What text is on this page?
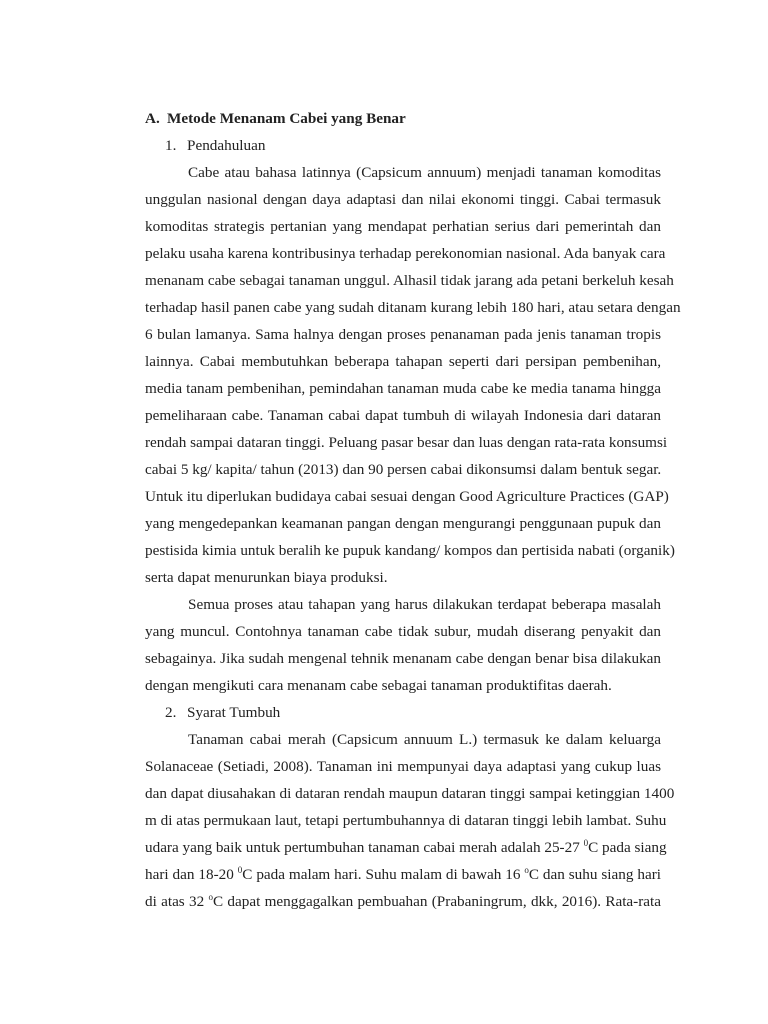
A. Metode Menanam Cabei yang Benar
1. Pendahuluan
Cabe atau bahasa latinnya (Capsicum annuum) menjadi tanaman komoditas
unggulan nasional dengan daya adaptasi dan nilai ekonomi tinggi. Cabai termasuk
komoditas strategis pertanian yang mendapat perhatian serius dari pemerintah dan
pelaku usaha karena kontribusinya terhadap perekonomian nasional. Ada banyak cara
menanam cabe sebagai tanaman unggul. Alhasil tidak jarang ada petani berkeluh kesah
terhadap hasil panen cabe yang sudah ditanam kurang lebih 180 hari, atau setara dengan
6 bulan lamanya. Sama halnya dengan proses penanaman pada jenis tanaman tropis
lainnya. Cabai membutuhkan beberapa tahapan seperti dari persipan pembenihan,
media tanam pembenihan, pemindahan tanaman muda cabe ke media tanama hingga
pemeliharaan cabe. Tanaman cabai dapat tumbuh di wilayah Indonesia dari dataran
rendah sampai dataran tinggi. Peluang pasar besar dan luas dengan rata-rata konsumsi
cabai 5 kg/ kapita/ tahun (2013) dan 90 persen cabai dikonsumsi dalam bentuk segar.
Untuk itu diperlukan budidaya cabai sesuai dengan Good Agriculture Practices (GAP)
yang mengedepankan keamanan pangan dengan mengurangi penggunaan pupuk dan
pestisida kimia untuk beralih ke pupuk kandang/ kompos dan pertisida nabati (organik)
serta dapat menurunkan biaya produksi.
Semua proses atau tahapan yang harus dilakukan terdapat beberapa masalah
yang muncul. Contohnya tanaman cabe tidak subur, mudah diserang penyakit dan
sebagainya. Jika sudah mengenal tehnik menanam cabe dengan benar bisa dilakukan
dengan mengikuti cara menanam cabe sebagai tanaman produktifitas daerah.
2. Syarat Tumbuh
Tanaman cabai merah (Capsicum annuum L.) termasuk ke dalam keluarga
Solanaceae (Setiadi, 2008). Tanaman ini mempunyai daya adaptasi yang cukup luas
dan dapat diusahakan di dataran rendah maupun dataran tinggi sampai ketinggian 1400
m di atas permukaan laut, tetapi pertumbuhannya di dataran tinggi lebih lambat. Suhu
udara yang baik untuk pertumbuhan tanaman cabai merah adalah 25-27 $^0$C pada siang
hari dan 18-20 $^0$C pada malam hari. Suhu malam di bawah 16 $^o$C dan suhu siang hari
di atas 32 $^o$C dapat menggagalkan pembuahan (Prabaningrum, dkk, 2016). Rata-rata
